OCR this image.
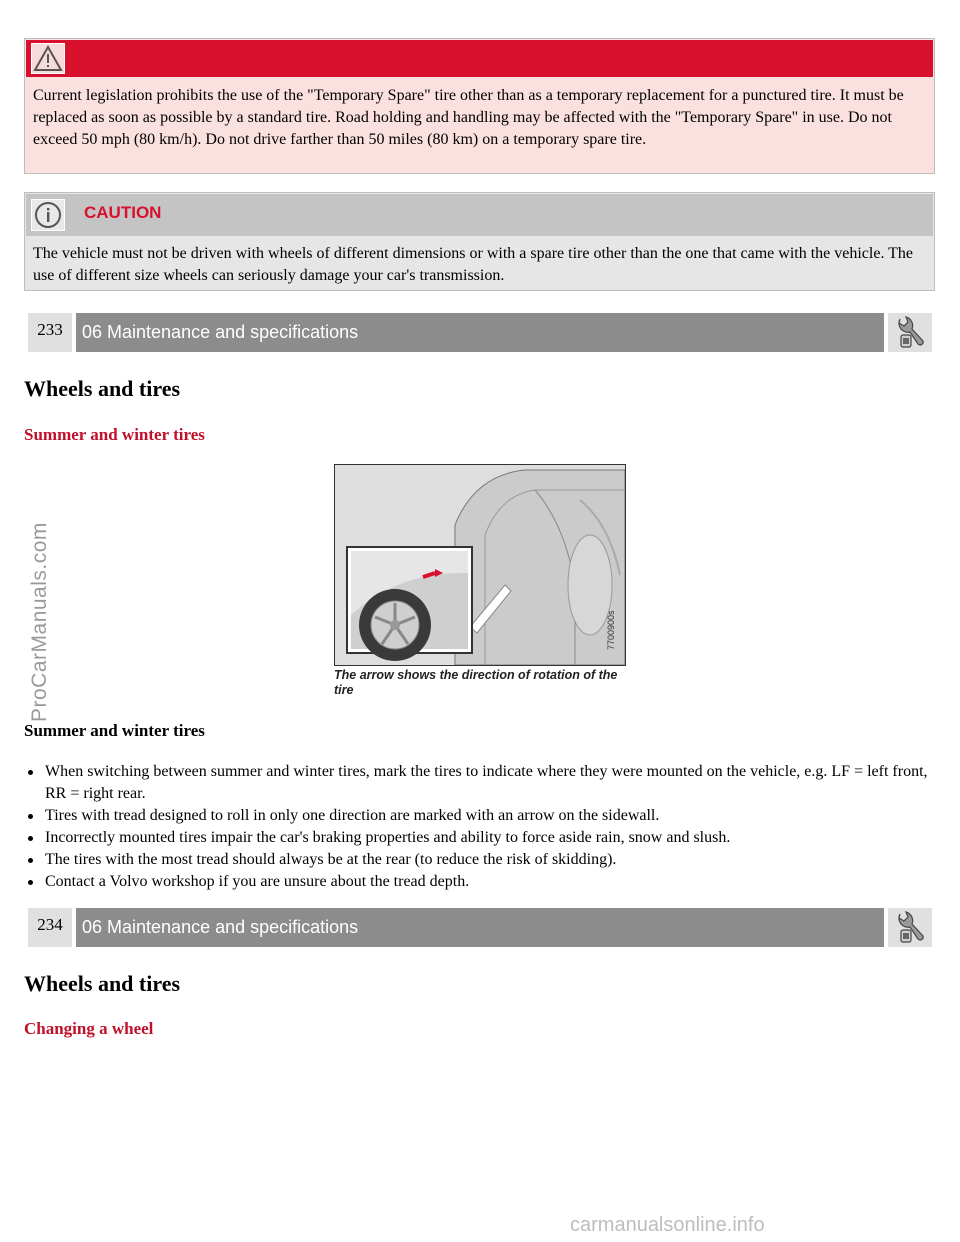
Current legislation prohibits the use of the "Temporary Spare" tire other than as a temporary replacement for a punctured tire. It must be replaced as soon as possible by a standard tire. Road holding and handling may be affected with the "Temporary Spare" in use. Do not exceed 50 mph (80 km/h). Do not drive farther than 50 miles (80 km) on a temporary spare tire.
CAUTION
The vehicle must not be driven with wheels of different dimensions or with a spare tire other than the one that came with the vehicle. The use of different size wheels can seriously damage your car's transmission.
233	06 Maintenance and specifications
Wheels and tires
Summer and winter tires
7700900s
The arrow shows the direction of rotation of the tire
Summer and winter tires
When switching between summer and winter tires, mark the tires to indicate where they were mounted on the vehicle, e.g. LF = left front, RR = right rear.
Tires with tread designed to roll in only one direction are marked with an arrow on the sidewall.
Incorrectly mounted tires impair the car's braking properties and ability to force aside rain, snow and slush.
The tires with the most tread should always be at the rear (to reduce the risk of skidding).
Contact a Volvo workshop if you are unsure about the tread depth.
234	06 Maintenance and specifications
Wheels and tires
Changing a wheel
ProCarManuals.com
carmanualsonline.info
